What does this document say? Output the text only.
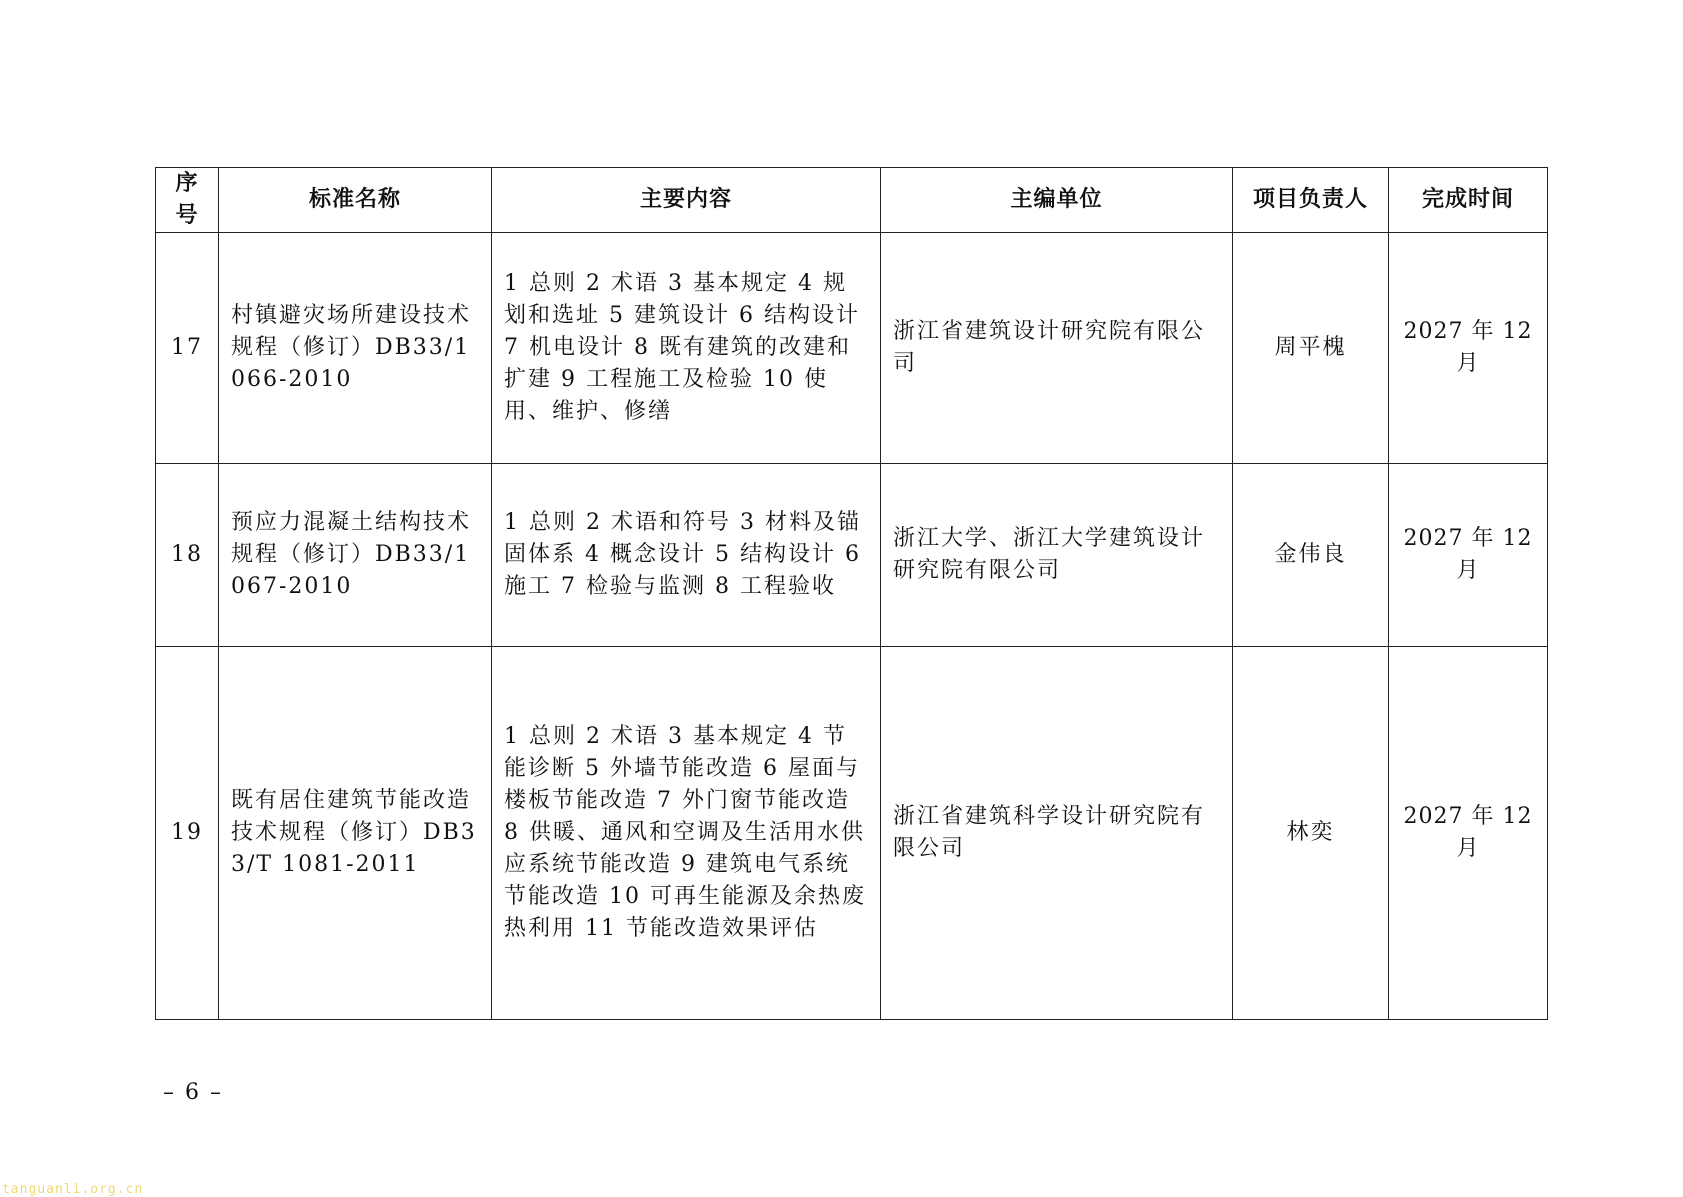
序号	标准名称	主要内容	主编单位	项目负责人	完成时间
17	村镇避灾场所建设技术规程（修订）DB33/1066-2010	1 总则 2 术语 3 基本规定 4 规划和选址 5 建筑设计 6 结构设计 7 机电设计 8 既有建筑的改建和扩建 9 工程施工及检验 10 使用、维护、修缮	浙江省建筑设计研究院有限公司	周平槐	2027 年 12 月
18	预应力混凝土结构技术规程（修订）DB33/1067-2010	1 总则 2 术语和符号 3 材料及锚固体系 4 概念设计 5 结构设计 6 施工 7 检验与监测 8 工程验收	浙江大学、浙江大学建筑设计研究院有限公司	金伟良	2027 年 12 月
19	既有居住建筑节能改造技术规程（修订）DB33/T 1081-2011	1 总则 2 术语 3 基本规定 4 节能诊断 5 外墙节能改造 6 屋面与楼板节能改造 7 外门窗节能改造 8 供暖、通风和空调及生活用水供应系统节能改造 9 建筑电气系统节能改造 10 可再生能源及余热废热利用 11 节能改造效果评估	浙江省建筑科学设计研究院有限公司	林奕	2027 年 12 月
– 6 –
tanguanli.org.cn
